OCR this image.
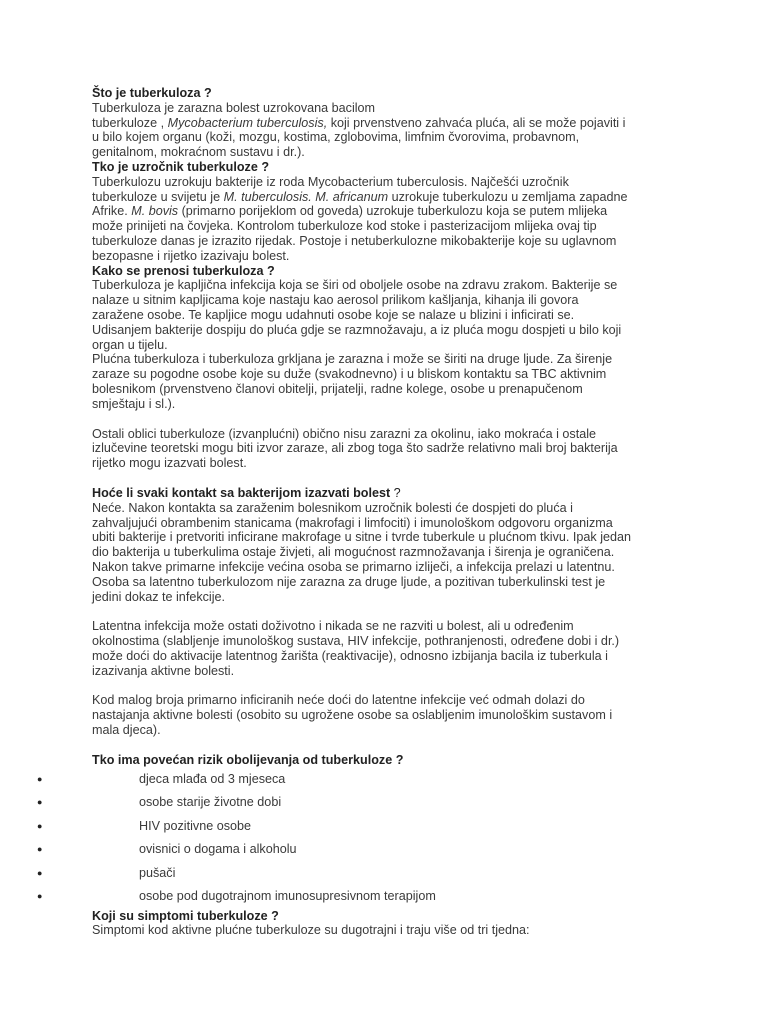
Što je tuberkuloza ?

Tuberkuloza je zarazna bolest uzrokovana bacilom
tuberkuloze , Mycobacterium tuberculosis, koji prvenstveno zahvaća pluća, ali se može pojaviti i
u bilo kojem organu (koži, mozgu, kostima, zglobovima, limfnim čvorovima, probavnom,
genitalnom, mokraćnom sustavu i dr.).

Tko je uzročnik tuberkuloze ?

Tuberkulozu uzrokuju bakterije iz roda Mycobacterium tuberculosis. Najčešći uzročnik
tuberkuloze u svijetu je M. tuberculosis. M. africanum uzrokuje tuberkulozu u zemljama zapadne
Afrike. M. bovis (primarno porijeklom od goveda) uzrokuje tuberkulozu koja se putem mlijeka
može prinijeti na čovjeka. Kontrolom tuberkuloze kod stoke i pasterizacijom mlijeka ovaj tip
tuberkuloze danas je izrazito rijedak. Postoje i netuberkulozne mikobakterije koje su uglavnom
bezopasne i rijetko izazivaju bolest.

Kako se prenosi tuberkuloza ?

Tuberkuloza je kapljična infekcija koja se širi od oboljele osobe na zdravu zrakom. Bakterije se
nalaze u sitnim kapljicama koje nastaju kao aerosol prilikom kašljanja, kihanja ili govora
zaražene osobe. Te kapljice mogu udahnuti osobe koje se nalaze u blizini i inficirati se.
Udisanjem bakterije dospiju do pluća gdje se razmnožavaju, a iz pluća mogu dospjeti u bilo koji
organ u tijelu.

Plućna tuberkuloza i tuberkuloza grkljana je zarazna i može se širiti na druge ljude. Za širenje
zaraze su pogodne osobe koje su duže (svakodnevno) i u bliskom kontaktu sa TBC aktivnim
bolesnikom (prvenstveno članovi obitelji, prijatelji, radne kolege, osobe u prenapučenom
smještaju i sl.).

Ostali oblici tuberkuloze (izvanplućni) obično nisu zarazni za okolinu, iako mokraća i ostale
izlučevine teoretski mogu biti izvor zaraze, ali zbog toga što sadrže relativno mali broj bakterija
rijetko mogu izazvati bolest.

Hoće li svaki kontakt sa bakterijom izazvati bolest ?

Neće. Nakon kontakta sa zaraženim bolesnikom uzročnik bolesti će dospjeti do pluća i
zahvaljujući obrambenim stanicama (makrofagi i limfociti) i imunološkom odgovoru organizma
ubiti bakterije i pretvoriti inficirane makrofage u sitne i tvrde tuberkule u plućnom tkivu. Ipak jedan
dio bakterija u tuberkulima ostaje živjeti, ali mogućnost razmnožavanja i širenja je ograničena.
Nakon takve primarne infekcije većina osoba se primarno izliječi, a infekcija prelazi u latentnu.
Osoba sa latentno tuberkulozom nije zarazna za druge ljude, a pozitivan tuberkulinski test je
jedini dokaz te infekcije.

Latentna infekcija može ostati doživotno i nikada se ne razviti u bolest, ali u određenim
okolnostima (slabljenje imunološkog sustava, HIV infekcije, pothranjenosti, određene dobi i dr.)
može doći do aktivacije latentnog žarišta (reaktivacije), odnosno izbijanja bacila iz tuberkula i
izazivanja aktivne bolesti.

Kod malog broja primarno inficiranih neće doći do latentne infekcije već odmah dolazi do
nastajanja aktivne bolesti (osobito su ugrožene osobe sa oslabljenim imunološkim sustavom i
mala djeca).

Tko ima povećan rizik obolijevanja od tuberkuloze ?

●	djeca mlađa od 3 mjeseca
●	osobe starije životne dobi
●	HIV pozitivne osobe
●	ovisnici o dogama i alkoholu
●	pušači
●	osobe pod dugotrajnom imunosupresivnom terapijom

Koji su simptomi tuberkuloze ?

Simptomi kod aktivne plućne tuberkuloze su dugotrajni i traju više od tri tjedna:
